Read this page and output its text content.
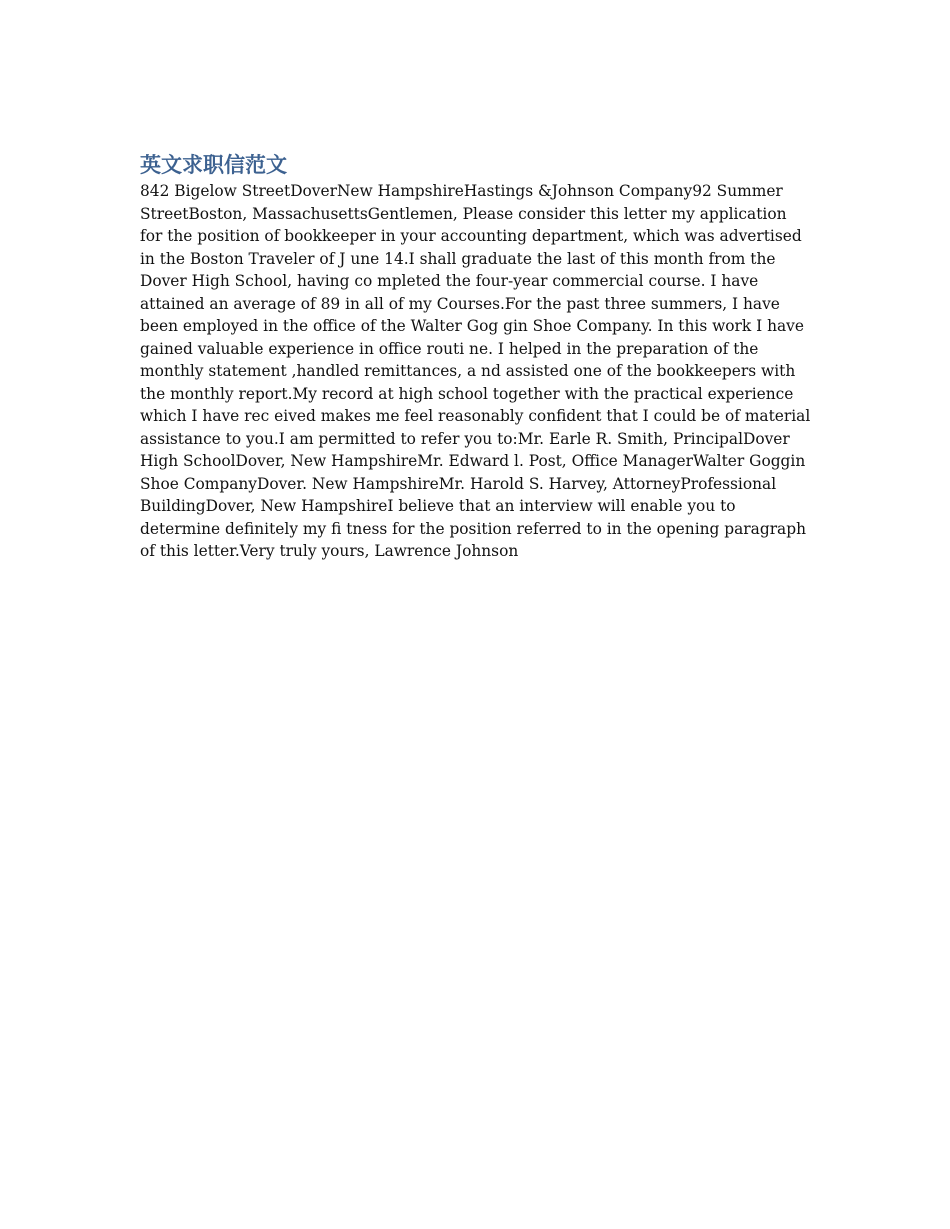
英文求职信范文

842 Bigelow StreetDoverNew HampshireHastings &Johnson Company92 Summer StreetBoston, MassachusettsGentlemen, Please consider this letter my application for the position of bookkeeper in your accounting department, which was advertised in the Boston Traveler of J une 14.I shall graduate the last of this month from the Dover High School, having co mpleted the four-year commercial course. I have attained an average of 89 in all of my Courses.For the past three summers, I have been employed in the office of the Walter Gog gin Shoe Company. In this work I have gained valuable experience in office routi ne. I helped in the preparation of the monthly statement ,handled remittances, a nd assisted one of the bookkeepers with the monthly report.My record at high school together with the practical experience which I have rec eived makes me feel reasonably confident that I could be of material assistance to you.I am permitted to refer you to:Mr. Earle R. Smith, PrincipalDover High SchoolDover, New HampshireMr. Edward l. Post, Office ManagerWalter Goggin Shoe CompanyDover. New HampshireMr. Harold S. Harvey, AttorneyProfessional BuildingDover, New HampshireI believe that an interview will enable you to determine definitely my fi tness for the position referred to in the opening paragraph of this letter.Very truly yours, Lawrence Johnson
